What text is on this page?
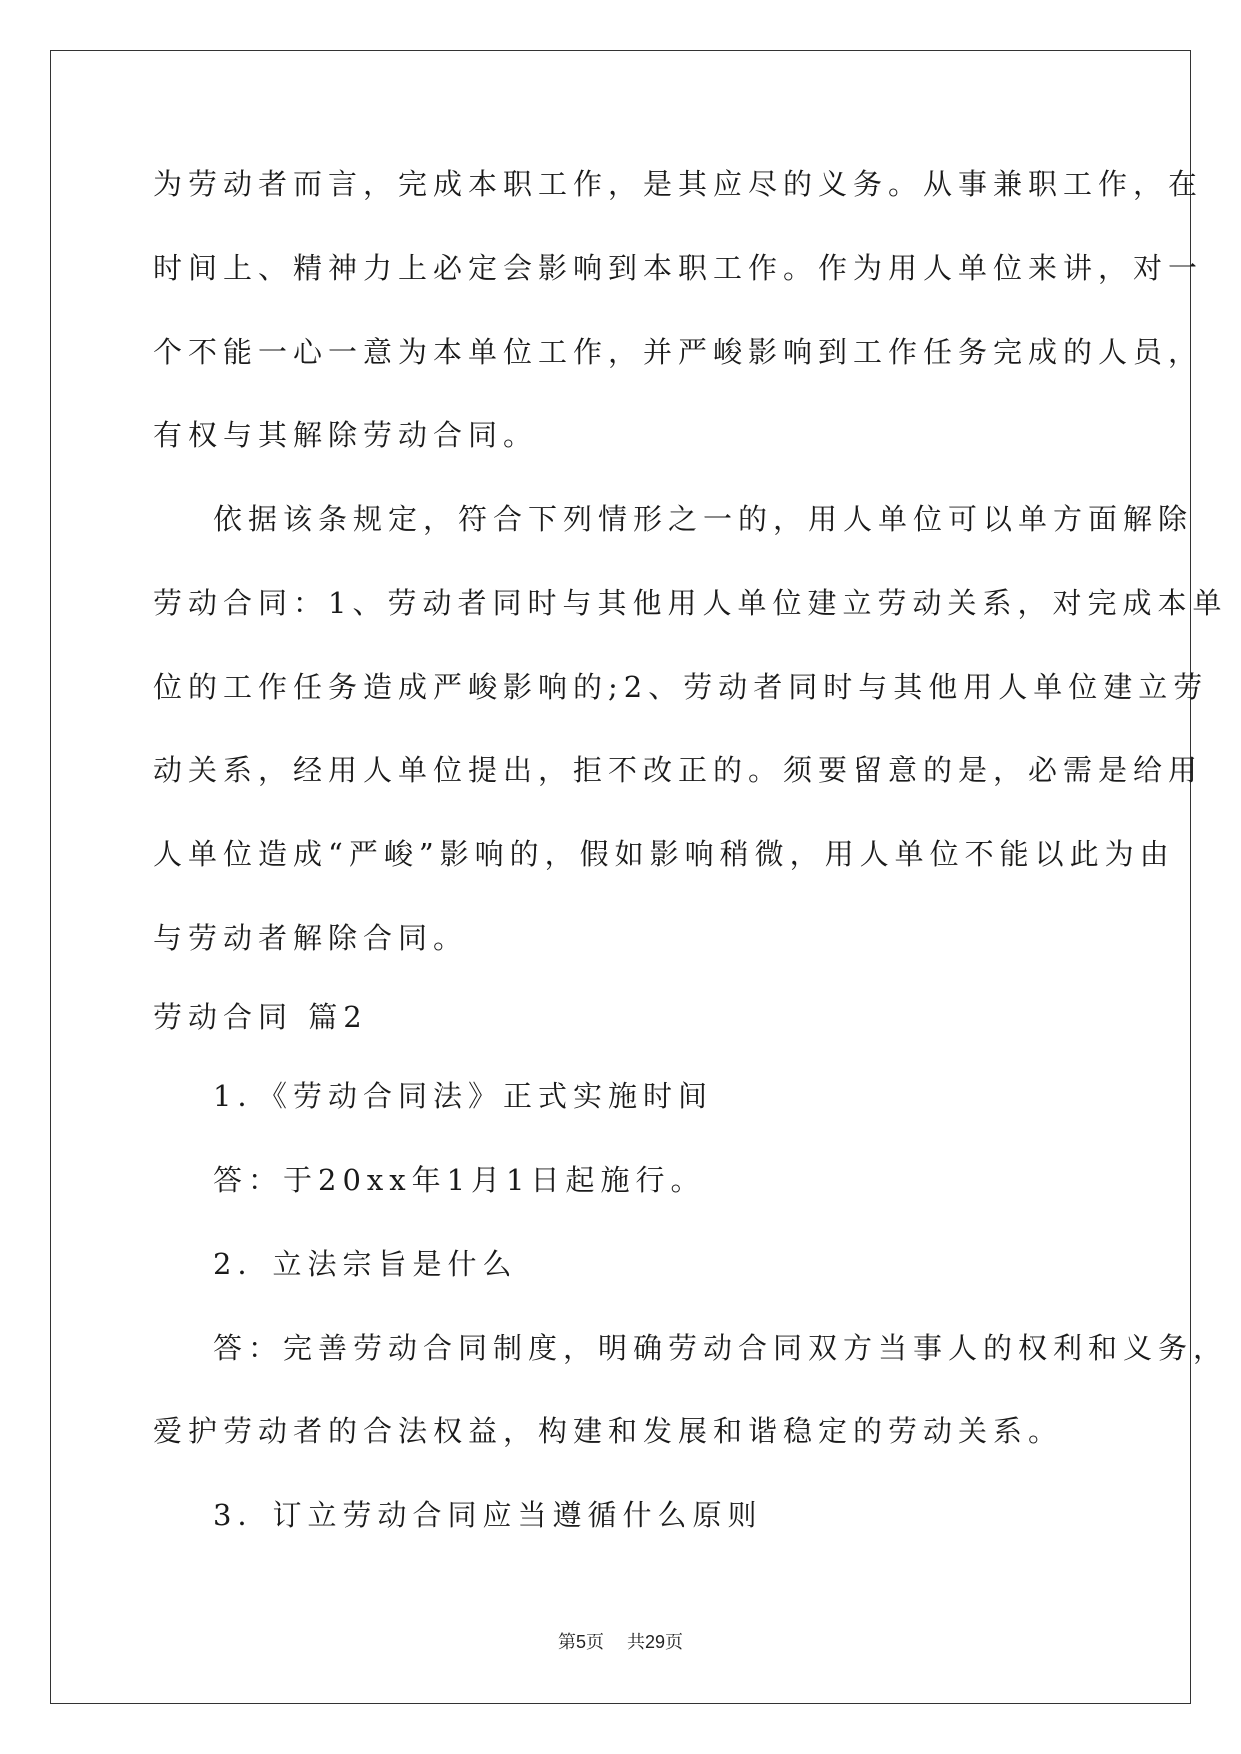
为劳动者而言，完成本职工作，是其应尽的义务。从事兼职工作，在
时间上、精神力上必定会影响到本职工作。作为用人单位来讲，对一
个不能一心一意为本单位工作，并严峻影响到工作任务完成的人员，
有权与其解除劳动合同。
依据该条规定，符合下列情形之一的，用人单位可以单方面解除
劳动合同：1、劳动者同时与其他用人单位建立劳动关系，对完成本单
位的工作任务造成严峻影响的;2、劳动者同时与其他用人单位建立劳
动关系，经用人单位提出，拒不改正的。须要留意的是，必需是给用
人单位造成“严峻”影响的，假如影响稍微，用人单位不能以此为由
与劳动者解除合同。
劳动合同 篇2
1．《劳动合同法》正式实施时间
答：于20xx年1月1日起施行。
2．立法宗旨是什么
答：完善劳动合同制度，明确劳动合同双方当事人的权利和义务，
爱护劳动者的合法权益，构建和发展和谐稳定的劳动关系。
3．订立劳动合同应当遵循什么原则
第5页 共29页
